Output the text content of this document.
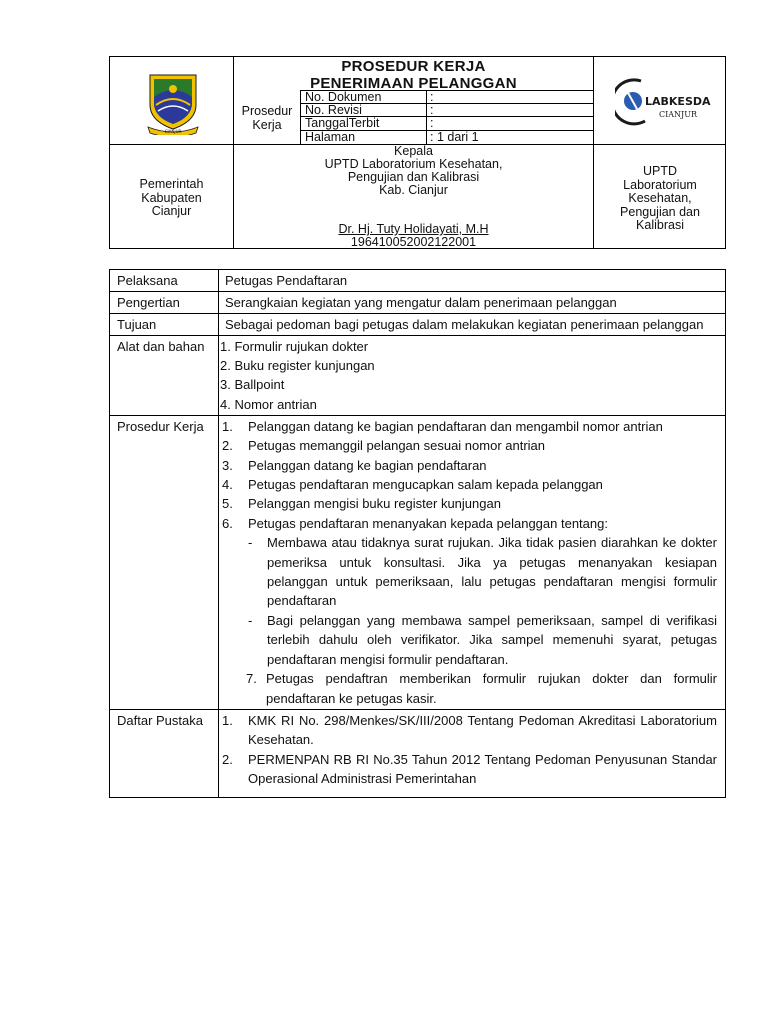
CIANJUR
PROSEDUR KERJA
PENERIMAAN PELANGGAN
Prosedur
Kerja
No. Dokumen	:
No. Revisi	:
TanggalTerbit	:
Halaman	: 1 dari 1
LABKESDA
CIANJUR
Pemerintah
Kabupaten
Cianjur
Kepala
UPTD Laboratorium Kesehatan,
Pengujian dan Kalibrasi
Kab. Cianjur
Dr. Hj. Tuty Holidayati, M.H
196410052002122001
UPTD
Laboratorium
Kesehatan,
Pengujian dan
Kalibrasi
Pelaksana	Petugas Pendaftaran
Pengertian	Serangkaian kegiatan yang mengatur dalam penerimaan pelanggan
Tujuan	Sebagai pedoman bagi petugas dalam melakukan kegiatan penerimaan pelanggan
Alat dan bahan	1. Formulir rujukan dokter
2. Buku register kunjungan
3. Ballpoint
4. Nomor antrian
Prosedur Kerja	1.	Pelanggan datang ke bagian pendaftaran dan mengambil nomor antrian
2.	Petugas memanggil pelangan sesuai nomor antrian
3.	Pelanggan datang ke bagian pendaftaran
4.	Petugas pendaftaran mengucapkan salam kepada pelanggan
5.	Pelanggan mengisi buku register kunjungan
6.	Petugas pendaftaran menanyakan kepada pelanggan tentang:
-	Membawa atau tidaknya surat rujukan. Jika tidak pasien diarahkan ke dokter pemeriksa untuk konsultasi. Jika ya petugas menanyakan kesiapan pelanggan untuk pemeriksaan, lalu petugas pendaftaran mengisi formulir pendaftaran
-	Bagi pelanggan yang membawa sampel pemeriksaan, sampel di verifikasi terlebih dahulu oleh verifikator. Jika sampel memenuhi syarat, petugas pendaftaran mengisi formulir pendaftaran.
7. Petugas pendaftran memberikan formulir rujukan dokter dan formulir pendaftaran ke petugas kasir.
Daftar Pustaka	1.	KMK RI No. 298/Menkes/SK/III/2008 Tentang Pedoman Akreditasi Laboratorium Kesehatan.
2.	PERMENPAN RB RI No.35 Tahun 2012 Tentang Pedoman Penyusunan Standar Operasional Administrasi Pemerintahan
